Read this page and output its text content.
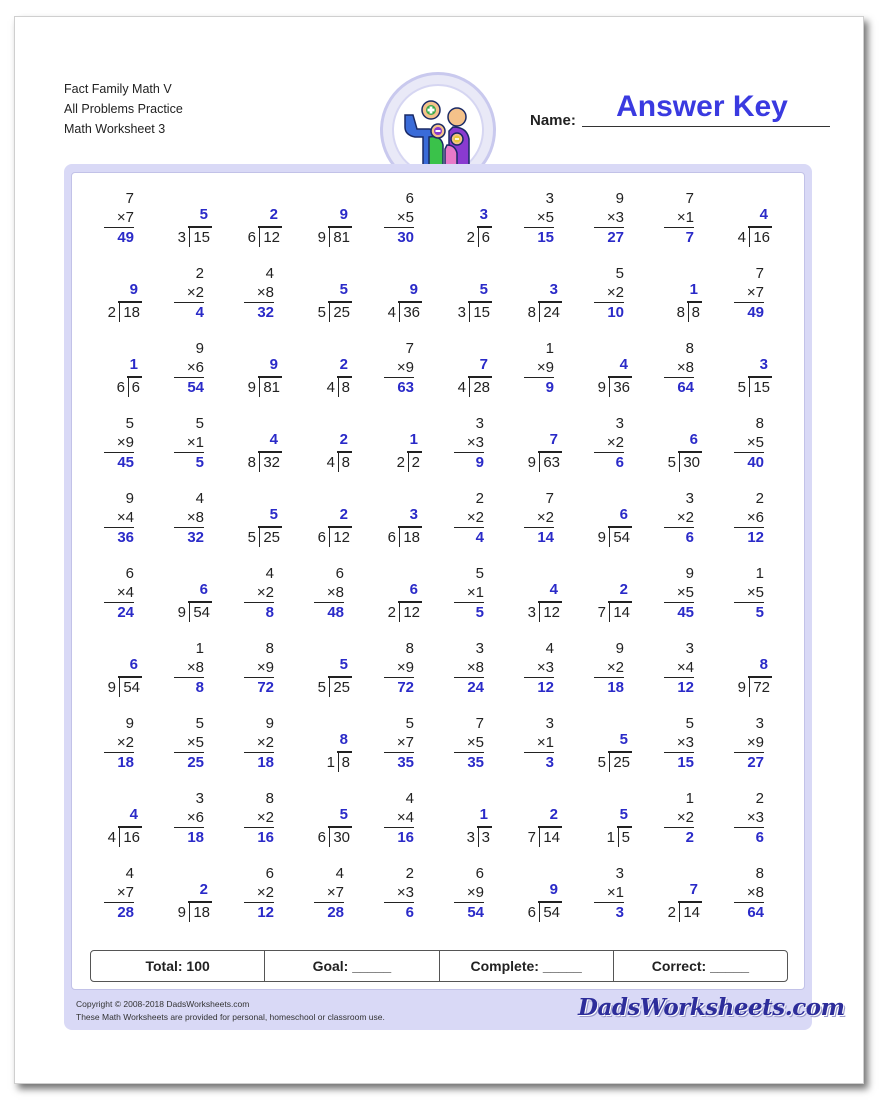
Fact Family Math V
All Problems Practice
Math Worksheet 3	Name:	Answer Key
7
×7
49
5
15
3
2
12
6
9
81
9
6
×5
30
3
6
2
3
×5
15
9
×3
27
7
×1
7
4
16
4
9
18
2
2
×2
4
4
×8
32
5
25
5
9
36
4
5
15
3
3
24
8
5
×2
10
1
8
8
7
×7
49
1
6
6
9
×6
54
9
81
9
2
8
4
7
×9
63
7
28
4
1
×9
9
4
36
9
8
×8
64
3
15
5
5
×9
45
5
×1
5
4
32
8
2
8
4
1
2
2
3
×3
9
7
63
9
3
×2
6
6
30
5
8
×5
40
9
×4
36
4
×8
32
5
25
5
2
12
6
3
18
6
2
×2
4
7
×2
14
6
54
9
3
×2
6
2
×6
12
6
×4
24
6
54
9
4
×2
8
6
×8
48
6
12
2
5
×1
5
4
12
3
2
14
7
9
×5
45
1
×5
5
6
54
9
1
×8
8
8
×9
72
5
25
5
8
×9
72
3
×8
24
4
×3
12
9
×2
18
3
×4
12
8
72
9
9
×2
18
5
×5
25
9
×2
18
8
8
1
5
×7
35
7
×5
35
3
×1
3
5
25
5
5
×3
15
3
×9
27
4
16
4
3
×6
18
8
×2
16
5
30
6
4
×4
16
1
3
3
2
14
7
5
5
1
1
×2
2
2
×3
6
4
×7
28
2
18
9
6
×2
12
4
×7
28
2
×3
6
6
×9
54
9
54
6
3
×1
3
7
14
2
8
×8
64
Total: 100	Goal: _____	Complete: _____	Correct: _____
Copyright © 2008-2018 DadsWorksheets.com
These Math Worksheets are provided for personal, homeschool or classroom use.	DadsWorksheets.com
